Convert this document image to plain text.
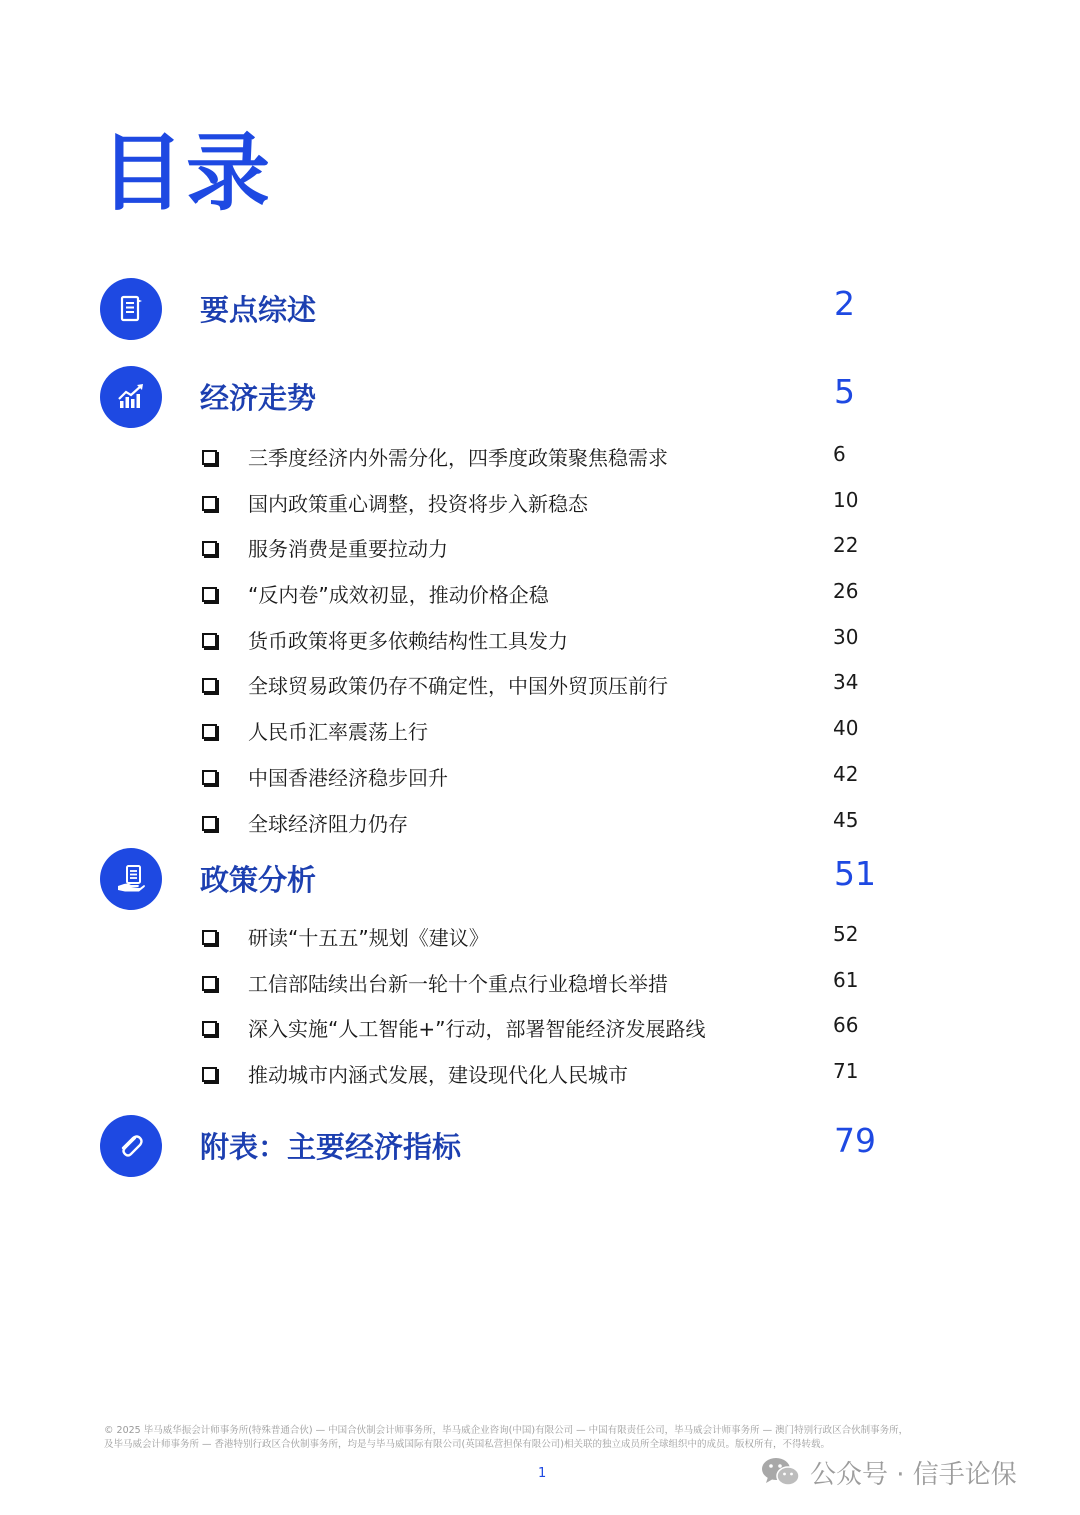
目录
要点综述	2
经济走势	5
三季度经济内外需分化，四季度政策聚焦稳需求	6
国内政策重心调整，投资将步入新稳态	10
服务消费是重要拉动力	22
“反内卷”成效初显，推动价格企稳	26
货币政策将更多依赖结构性工具发力	30
全球贸易政策仍存不确定性，中国外贸顶压前行	34
人民币汇率震荡上行	40
中国香港经济稳步回升	42
全球经济阻力仍存	45
政策分析	51
研读“十五五”规划《建议》	52
工信部陆续出台新一轮十个重点行业稳增长举措	61
深入实施“人工智能+”行动，部署智能经济发展路线	66
推动城市内涵式发展，建设现代化人民城市	71
附表：主要经济指标	79
© 2025 毕马威华振会计师事务所(特殊普通合伙) — 中国合伙制会计师事务所，毕马威企业咨询(中国)有限公司 — 中国有限责任公司，毕马威会计师事务所 — 澳门特别行政区合伙制事务所，
及毕马威会计师事务所 — 香港特别行政区合伙制事务所，均是与毕马威国际有限公司(英国私营担保有限公司)相关联的独立成员所全球组织中的成员。版权所有，不得转载。
1	公众号 · 信手论保
